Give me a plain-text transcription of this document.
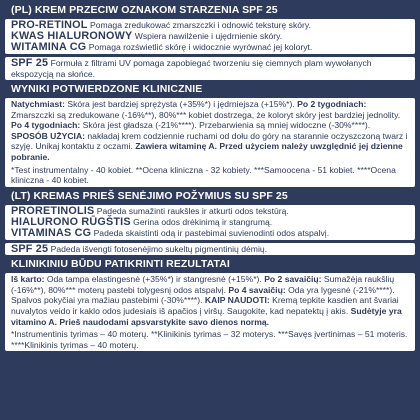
(PL) KREM PRZECIW OZNAKOM STARZENIA SPF 25
PRO-RETINOL Pomaga zredukować zmarszczki i odnowić teksturę skóry.
KWAS HIALURONOWY Wspiera nawilżenie i ujędrnienie skóry.
WITAMINA CG Pomaga rozświetlić skórę i widocznie wyrównać jej koloryt.
SPF 25 Formuła z filtrami UV pomaga zapobiegać tworzeniu się ciemnych plam wywołanych ekspozycją na słońce.
WYNIKI POTWIERDZONE KLINICZNIE
Natychmiast: Skóra jest bardziej sprężysta (+35%*) i jędrniejsza (+15%*). Po 2 tygodniach: Zmarszczki są zredukowane (-16%**), 80%*** kobiet dostrzega, że koloryt skóry jest bardziej jednolity. Po 4 tygodniach: Skóra jest gładsza (-21%****). Przebarwienia są mniej widoczne (-30%****). SPOSÓB UŻYCIA: nakładaj krem codziennie ruchami od dołu do góry na starannie oczyszczoną twarz i szyję. Unikaj kontaktu z oczami. Zawiera witaminę A. Przed użyciem należy uwzględnić jej dzienne pobranie.
*Test instrumentalny - 40 kobiet. **Ocena kliniczna - 32 kobiety. ***Samoocena - 51 kobiet. ****Ocena kliniczna - 40 kobiet.
(LT) KREMAS PRIEŠ SENĖJIMO POŽYMIUS SU SPF 25
PRORETINOLIS Padeda sumažinti raukšles ir atkurti odos tekstūrą.
HIALURONO RŪGŠTIS Gerina odos drėkinimą ir stangrumą.
VITAMINAS CG Padeda skaistinti odą ir pastebimai suvienodinti odos atspalvį.
SPF 25 Padeda išvengti fotosenėjimo sukeltų pigmentinių dėmių.
KLINIKINIU BŪDU PATIKRINTI REZULTATAI
Iš karto: Oda tampa elastingesnė (+35%*) ir stangresnė (+15%*). Po 2 savaičių: Sumažėja raukšlių (-16%**), 80%*** moterų pastebi tolygesnį odos atspalvį. Po 4 savaičių: Oda yra lygesnė (-21%****). Spalvos pokyčiai yra mažiau pastebimi (-30%****). KAIP NAUDOTI: Kremą tepkite kasdien ant švariai nuvalytos veido ir kaklo odos judesiais iš apačios į viršų. Saugokite, kad nepatektų į akis. Sudėtyje yra vitamino A. Prieš naudodami apsvarstykite savo dienos normą.
*Instrumentinis tyrimas – 40 moterų. **Klinikinis tyrimas – 32 moterys. ***Savęs įvertinimas – 51 moteris. ****Klinikinis tyrimas – 40 moterų.
